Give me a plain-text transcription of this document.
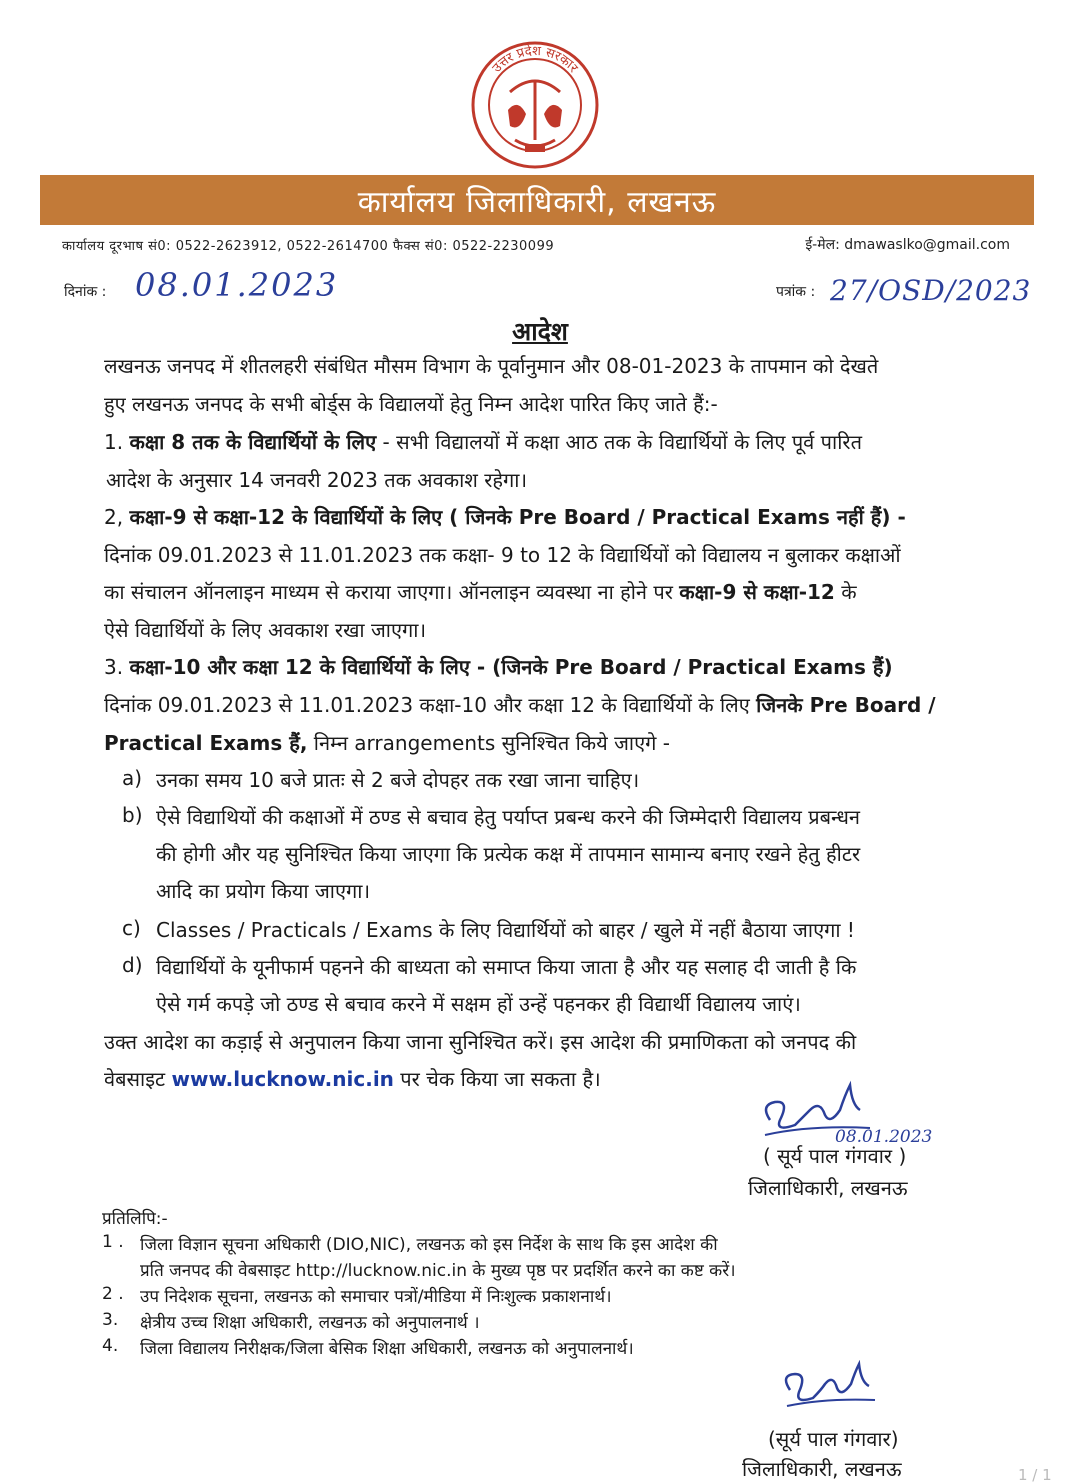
उत्तर प्रदेश सरकार
कार्यालय जिलाधिकारी, लखनऊ
कार्यालय दूरभाष सं0: 0522-2623912, 0522-2614700 फैक्स सं0: 0522-2230099	ई-मेल: dmawaslko@gmail.com
दिनांक : 08.01.2023	पत्रांक : 27/OSD/2023
आदेश
लखनऊ जनपद में शीतलहरी संबंधित मौसम विभाग के पूर्वानुमान और 08-01-2023 के तापमान को देखते
हुए लखनऊ जनपद के सभी बोर्ड्स के विद्यालयों हेतु निम्न आदेश पारित किए जाते हैं:-
1. कक्षा 8 तक के विद्यार्थियों के लिए - सभी विद्यालयों में कक्षा आठ तक के विद्यार्थियों के लिए पूर्व पारित
आदेश के अनुसार 14 जनवरी 2023 तक अवकाश रहेगा।
2, कक्षा-9 से कक्षा-12 के विद्यार्थियों के लिए ( जिनके Pre Board / Practical Exams नहीं हैं) -
दिनांक 09.01.2023 से 11.01.2023 तक कक्षा- 9 to 12 के विद्यार्थियों को विद्यालय न बुलाकर कक्षाओं
का संचालन ऑनलाइन माध्यम से कराया जाएगा। ऑनलाइन व्यवस्था ना होने पर कक्षा-9 से कक्षा-12 के
ऐसे विद्यार्थियों के लिए अवकाश रखा जाएगा।
3. कक्षा-10 और कक्षा 12 के विद्यार्थियों के लिए - (जिनके Pre Board / Practical Exams हैं)
दिनांक 09.01.2023 से 11.01.2023 कक्षा-10 और कक्षा 12 के विद्यार्थियों के लिए जिनके Pre Board /
Practical Exams हैं, निम्न arrangements सुनिश्चित किये जाएगे -
a) उनका समय 10 बजे प्रातः से 2 बजे दोपहर तक रखा जाना चाहिए।
b) ऐसे विद्याथियों की कक्षाओं में ठण्ड से बचाव हेतु पर्याप्त प्रबन्ध करने की जिम्मेदारी विद्यालय प्रबन्धन
की होगी और यह सुनिश्चित किया जाएगा कि प्रत्येक कक्ष में तापमान सामान्य बनाए रखने हेतु हीटर
आदि का प्रयोग किया जाएगा।
c) Classes / Practicals / Exams के लिए विद्यार्थियों को बाहर / खुले में नहीं बैठाया जाएगा !
d) विद्यार्थियों के यूनीफार्म पहनने की बाध्यता को समाप्त किया जाता है और यह सलाह दी जाती है कि
ऐसे गर्म कपड़े जो ठण्ड से बचाव करने में सक्षम हों उन्हें पहनकर ही विद्यार्थी विद्यालय जाएं।
उक्त आदेश का कड़ाई से अनुपालन किया जाना सुनिश्चित करें। इस आदेश की प्रमाणिकता को जनपद की
वेबसाइट www.lucknow.nic.in पर चेक किया जा सकता है।
08.01.2023
( सूर्य पाल गंगवार )
जिलाधिकारी, लखनऊ
प्रतिलिपि:-
1 . जिला विज्ञान सूचना अधिकारी (DIO,NIC), लखनऊ को इस निर्देश के साथ कि इस आदेश की
प्रति जनपद की वेबसाइट http://lucknow.nic.in के मुख्य पृष्ठ पर प्रदर्शित करने का कष्ट करें।
2 . उप निदेशक सूचना, लखनऊ को समाचार पत्रों/मीडिया में निःशुल्क प्रकाशनार्थ।
3. क्षेत्रीय उच्च शिक्षा अधिकारी, लखनऊ को अनुपालनार्थ ।
4. जिला विद्यालय निरीक्षक/जिला बेसिक शिक्षा अधिकारी, लखनऊ को अनुपालनार्थ।
(सूर्य पाल गंगवार)
जिलाधिकारी, लखनऊ	1 / 1
